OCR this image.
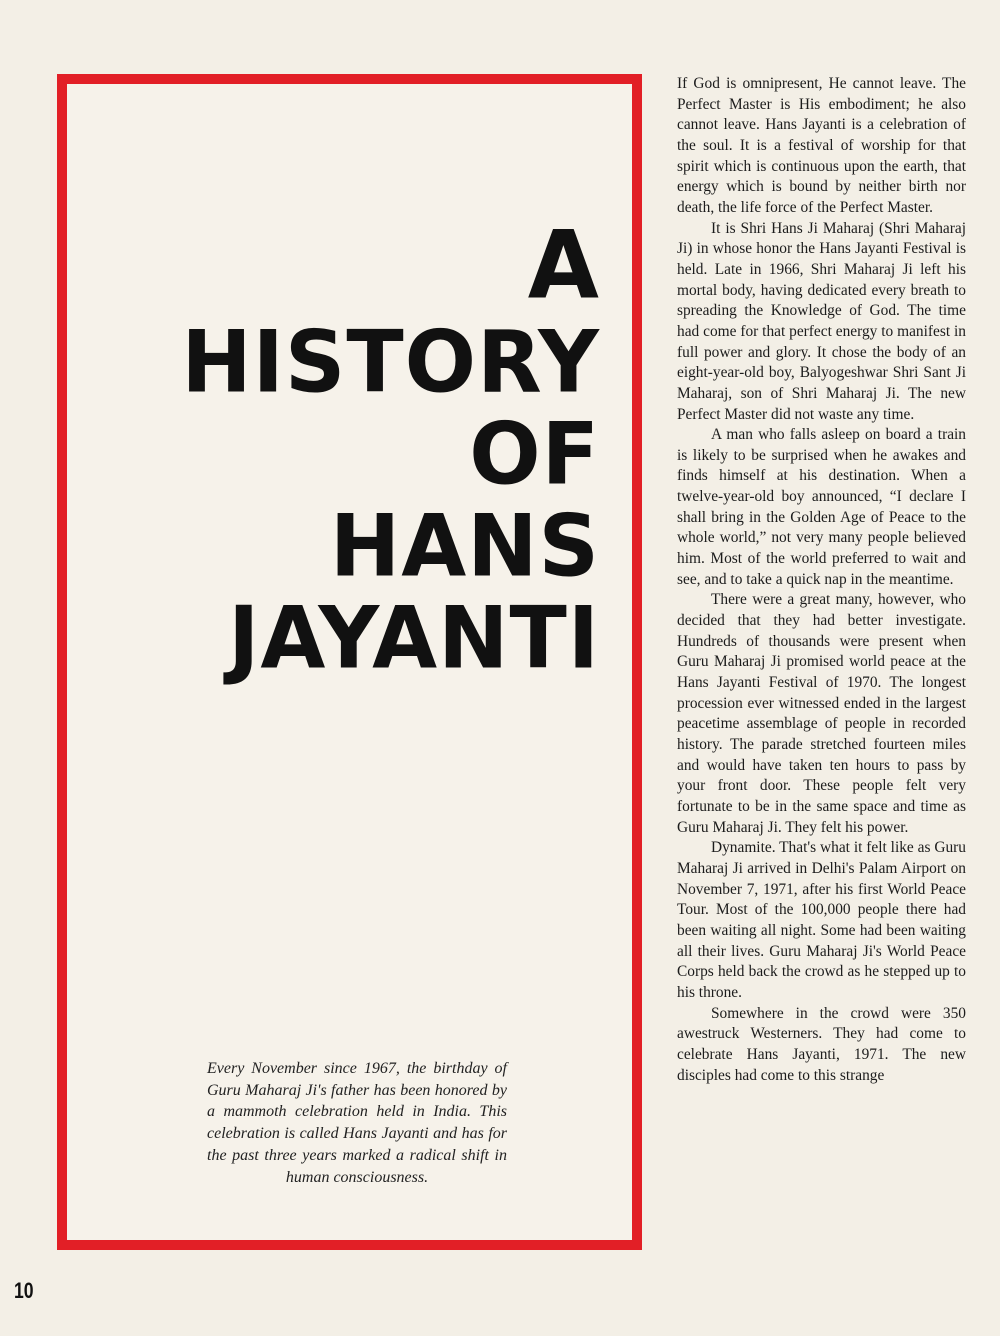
A
HISTORY
OF
HANS
JAYANTI

Every November since 1967, the birthday of Guru Maharaj Ji's father has been honored by a mammoth celebration held in India. This celebration is called Hans Jayanti and has for the past three years marked a radical shift in human consciousness.

If God is omnipresent, He cannot leave. The Perfect Master is His embodiment; he also cannot leave. Hans Jayanti is a celebration of the soul. It is a festival of worship for that spirit which is continuous upon the earth, that energy which is bound by neither birth nor death, the life force of the Perfect Master.

It is Shri Hans Ji Maharaj (Shri Maharaj Ji) in whose honor the Hans Jayanti Festival is held. Late in 1966, Shri Maharaj Ji left his mortal body, having dedicated every breath to spreading the Knowledge of God. The time had come for that perfect energy to manifest in full power and glory. It chose the body of an eight-year-old boy, Balyogeshwar Shri Sant Ji Maharaj, son of Shri Maharaj Ji. The new Perfect Master did not waste any time.

A man who falls asleep on board a train is likely to be surprised when he awakes and finds himself at his destination. When a twelve-year-old boy announced, “I declare I shall bring in the Golden Age of Peace to the whole world,” not very many people believed him. Most of the world preferred to wait and see, and to take a quick nap in the meantime.

There were a great many, however, who decided that they had better investigate. Hundreds of thousands were present when Guru Maharaj Ji promised world peace at the Hans Jayanti Festival of 1970. The longest procession ever witnessed ended in the largest peacetime assemblage of people in recorded history. The parade stretched fourteen miles and would have taken ten hours to pass by your front door. These people felt very fortunate to be in the same space and time as Guru Maharaj Ji. They felt his power.

Dynamite. That's what it felt like as Guru Maharaj Ji arrived in Delhi's Palam Airport on November 7, 1971, after his first World Peace Tour. Most of the 100,000 people there had been waiting all night. Some had been waiting all their lives. Guru Maharaj Ji's World Peace Corps held back the crowd as he stepped up to his throne.

Somewhere in the crowd were 350 awestruck Westerners. They had come to celebrate Hans Jayanti, 1971. The new disciples had come to this strange

10
